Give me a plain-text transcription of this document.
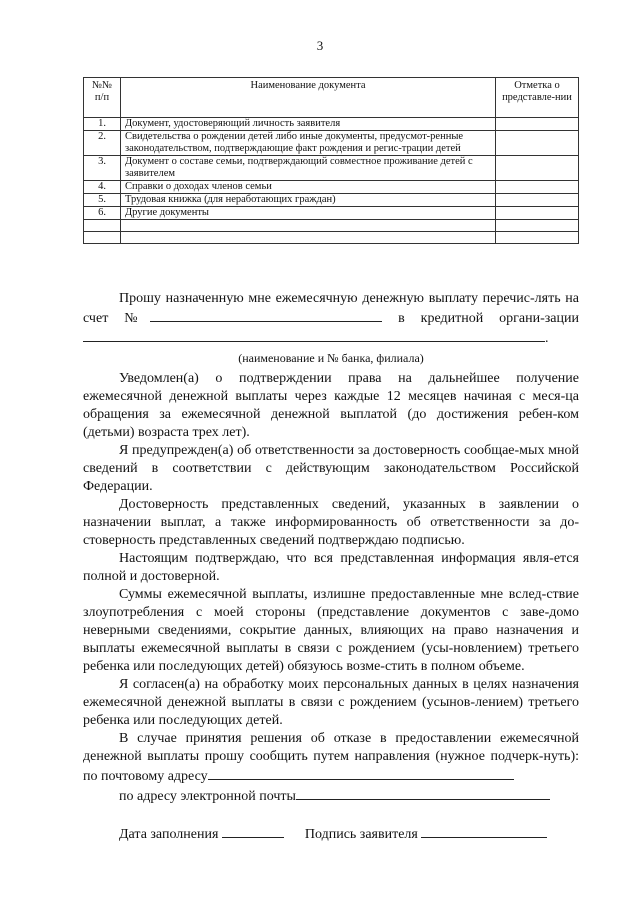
3
№№ п/п	Наименование документа	Отметка о представле-нии
1.	Документ, удостоверяющий личность заявителя	
2.	Свидетельства о рождении детей либо иные документы, предусмот-ренные законодательством, подтверждающие факт рождения и регис-трации детей	
3.	Документ о составе семьи, подтверждающий совместное проживание детей с заявителем	
4.	Справки о доходах членов семьи	
5.	Трудовая книжка (для неработающих граждан)	
6.	Другие документы	

Прошу назначенную мне ежемесячную денежную выплату перечис-лять на счет №	в кредитной органи-зации.

(наименование и № банка, филиала)

Уведомлен(а) о подтверждении права на дальнейшее получение ежемесячной денежной выплаты через каждые 12 месяцев начиная с меся-ца обращения за ежемесячной денежной выплатой (до достижения ребен-ком (детьми) возраста трех лет).

Я предупрежден(а) об ответственности за достоверность сообщае-мых мной сведений в соответствии с действующим законодательством Российской Федерации.

Достоверность представленных сведений, указанных в заявлении о назначении выплат, а также информированность об ответственности за до-стоверность представленных сведений подтверждаю подписью.

Настоящим подтверждаю, что вся представленная информация явля-ется полной и достоверной.

Суммы ежемесячной выплаты, излишне предоставленные мне вслед-ствие злоупотребления с моей стороны (представление документов с заве-домо неверными сведениями, сокрытие данных, влияющих на право назначения и выплаты ежемесячной выплаты в связи с рождением (усы-новлением) третьего ребенка или последующих детей) обязуюсь возме-стить в полном объеме.

Я согласен(а) на обработку моих персональных данных в целях назначения ежемесячной денежной выплаты в связи с рождением (усынов-лением) третьего ребенка или последующих детей.

В случае принятия решения об отказе в предоставлении ежемесячной денежной выплаты прошу сообщить путем направления (нужное подчерк-нуть): по почтовому адресу

по адресу электронной почты

Дата заполнения	Подпись заявителя
